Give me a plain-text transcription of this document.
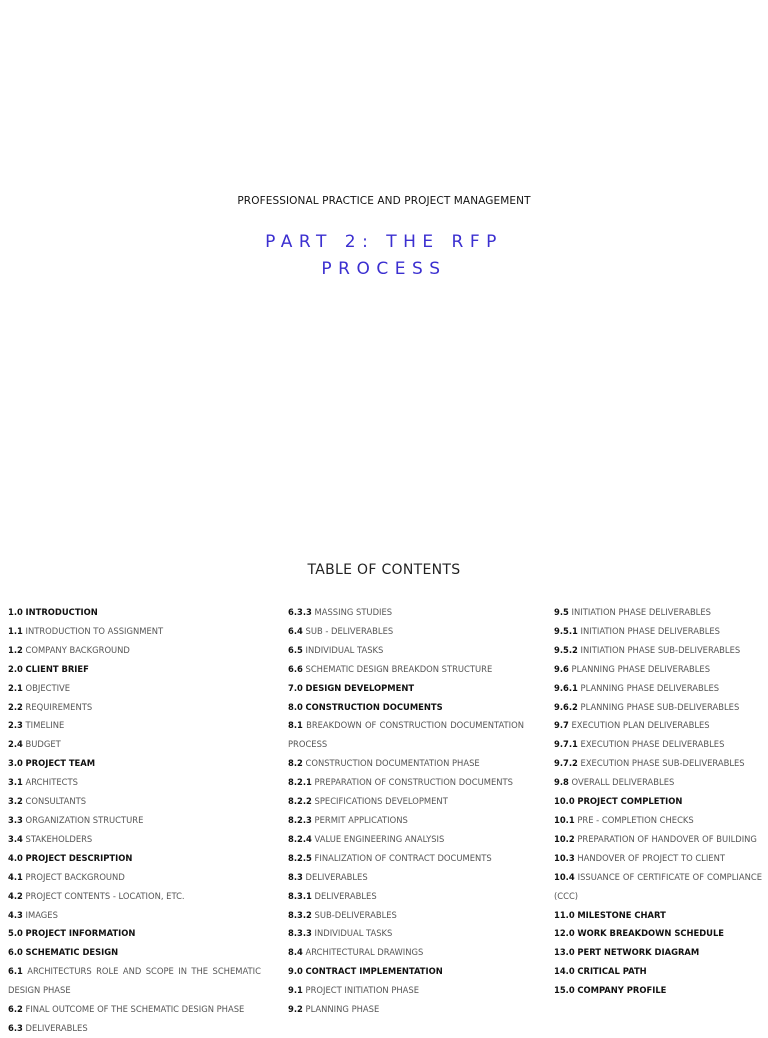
PROFESSIONAL PRACTICE AND PROJECT MANAGEMENT
PART 2: THE RFP
PROCESS
TABLE OF CONTENTS
1.0 INTRODUCTION
1.1 INTRODUCTION TO ASSIGNMENT
1.2 COMPANY BACKGROUND
2.0 CLIENT BRIEF
2.1 OBJECTIVE
2.2 REQUIREMENTS
2.3 TIMELINE
2.4 BUDGET
3.0 PROJECT TEAM
3.1 ARCHITECTS
3.2 CONSULTANTS
3.3 ORGANIZATION STRUCTURE
3.4 STAKEHOLDERS
4.0 PROJECT DESCRIPTION
4.1 PROJECT BACKGROUND
4.2 PROJECT CONTENTS - LOCATION, ETC.
4.3 IMAGES
5.0 PROJECT INFORMATION
6.0 SCHEMATIC DESIGN
6.1 ARCHITECTURS ROLE AND SCOPE IN THE SCHEMATIC DESIGN PHASE
6.2 FINAL OUTCOME OF THE SCHEMATIC DESIGN PHASE
6.3 DELIVERABLES
6.3.3 MASSING STUDIES
6.4 SUB - DELIVERABLES
6.5 INDIVIDUAL TASKS
6.6 SCHEMATIC DESIGN BREAKDON STRUCTURE
7.0 DESIGN DEVELOPMENT
8.0 CONSTRUCTION DOCUMENTS
8.1 BREAKDOWN OF CONSTRUCTION DOCUMENTATION PROCESS
8.2 CONSTRUCTION DOCUMENTATION PHASE
8.2.1 PREPARATION OF CONSTRUCTION DOCUMENTS
8.2.2 SPECIFICATIONS DEVELOPMENT
8.2.3 PERMIT APPLICATIONS
8.2.4 VALUE ENGINEERING ANALYSIS
8.2.5 FINALIZATION OF CONTRACT DOCUMENTS
8.3 DELIVERABLES
8.3.1 DELIVERABLES
8.3.2 SUB-DELIVERABLES
8.3.3 INDIVIDUAL TASKS
8.4 ARCHITECTURAL DRAWINGS
9.0 CONTRACT IMPLEMENTATION
9.1 PROJECT INITIATION PHASE
9.2 PLANNING PHASE
9.5 INITIATION PHASE DELIVERABLES
9.5.1 INITIATION PHASE DELIVERABLES
9.5.2 INITIATION PHASE SUB-DELIVERABLES
9.6 PLANNING PHASE DELIVERABLES
9.6.1 PLANNING PHASE DELIVERABLES
9.6.2 PLANNING PHASE SUB-DELIVERABLES
9.7 EXECUTION PLAN DELIVERABLES
9.7.1 EXECUTION PHASE DELIVERABLES
9.7.2 EXECUTION PHASE SUB-DELIVERABLES
9.8 OVERALL DELIVERABLES
10.0 PROJECT COMPLETION
10.1 PRE - COMPLETION CHECKS
10.2 PREPARATION OF HANDOVER OF BUILDING
10.3 HANDOVER OF PROJECT TO CLIENT
10.4 ISSUANCE OF CERTIFICATE OF COMPLIANCE (CCC)
11.0 MILESTONE CHART
12.0 WORK BREAKDOWN SCHEDULE
13.0 PERT NETWORK DIAGRAM
14.0 CRITICAL PATH
15.0 COMPANY PROFILE
